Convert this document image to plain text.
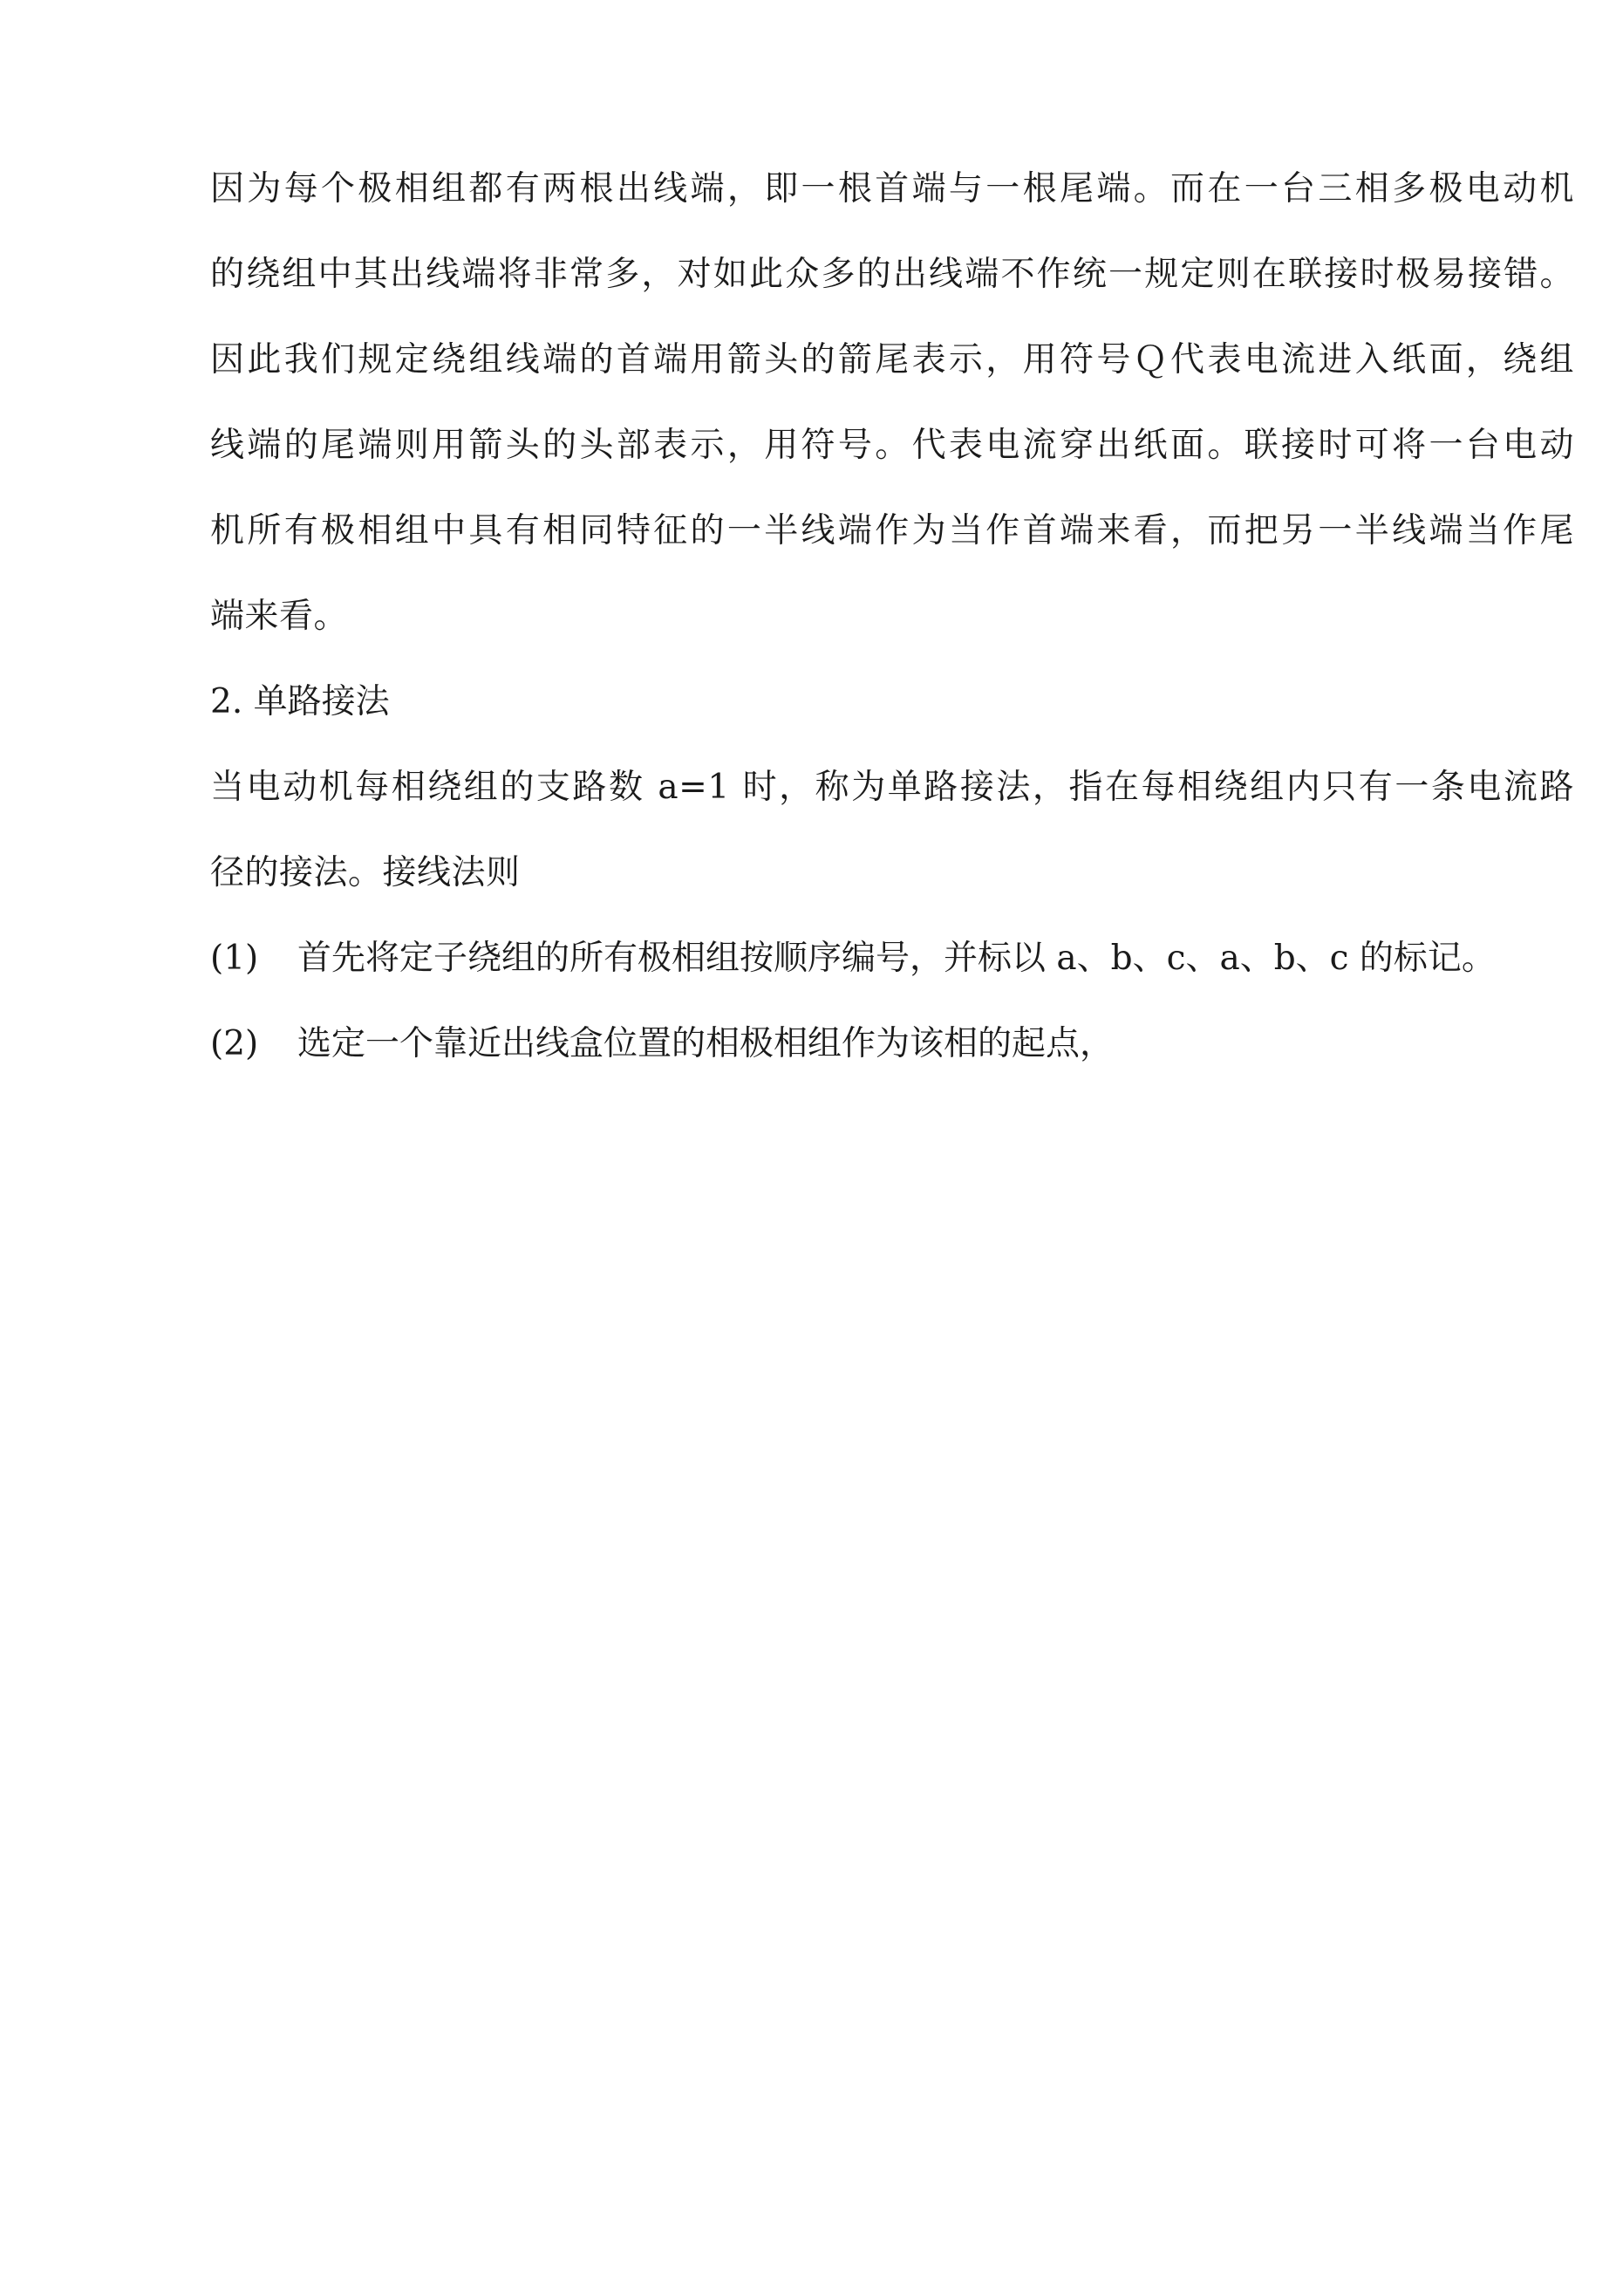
因为每个极相组都有两根出线端，即一根首端与一根尾端。而在一台三相多极电动机
的绕组中其出线端将非常多，对如此众多的出线端不作统一规定则在联接时极易接错。
因此我们规定绕组线端的首端用箭头的箭尾表示，用符号Ｑ代表电流进入纸面，绕组
线端的尾端则用箭头的头部表示，用符号。代表电流穿出纸面。联接时可将一台电动
机所有极相组中具有相同特征的一半线端作为当作首端来看，而把另一半线端当作尾
端来看。

2. 单路接法

当电动机每相绕组的支路数 a=1 时，称为单路接法，指在每相绕组内只有一条电流路
径的接法。接线法则

(1)	首先将定子绕组的所有极相组按顺序编号，并标以 a、b、c、a、b、c 的标记。
(2)	选定一个靠近出线盒位置的相极相组作为该相的起点，
